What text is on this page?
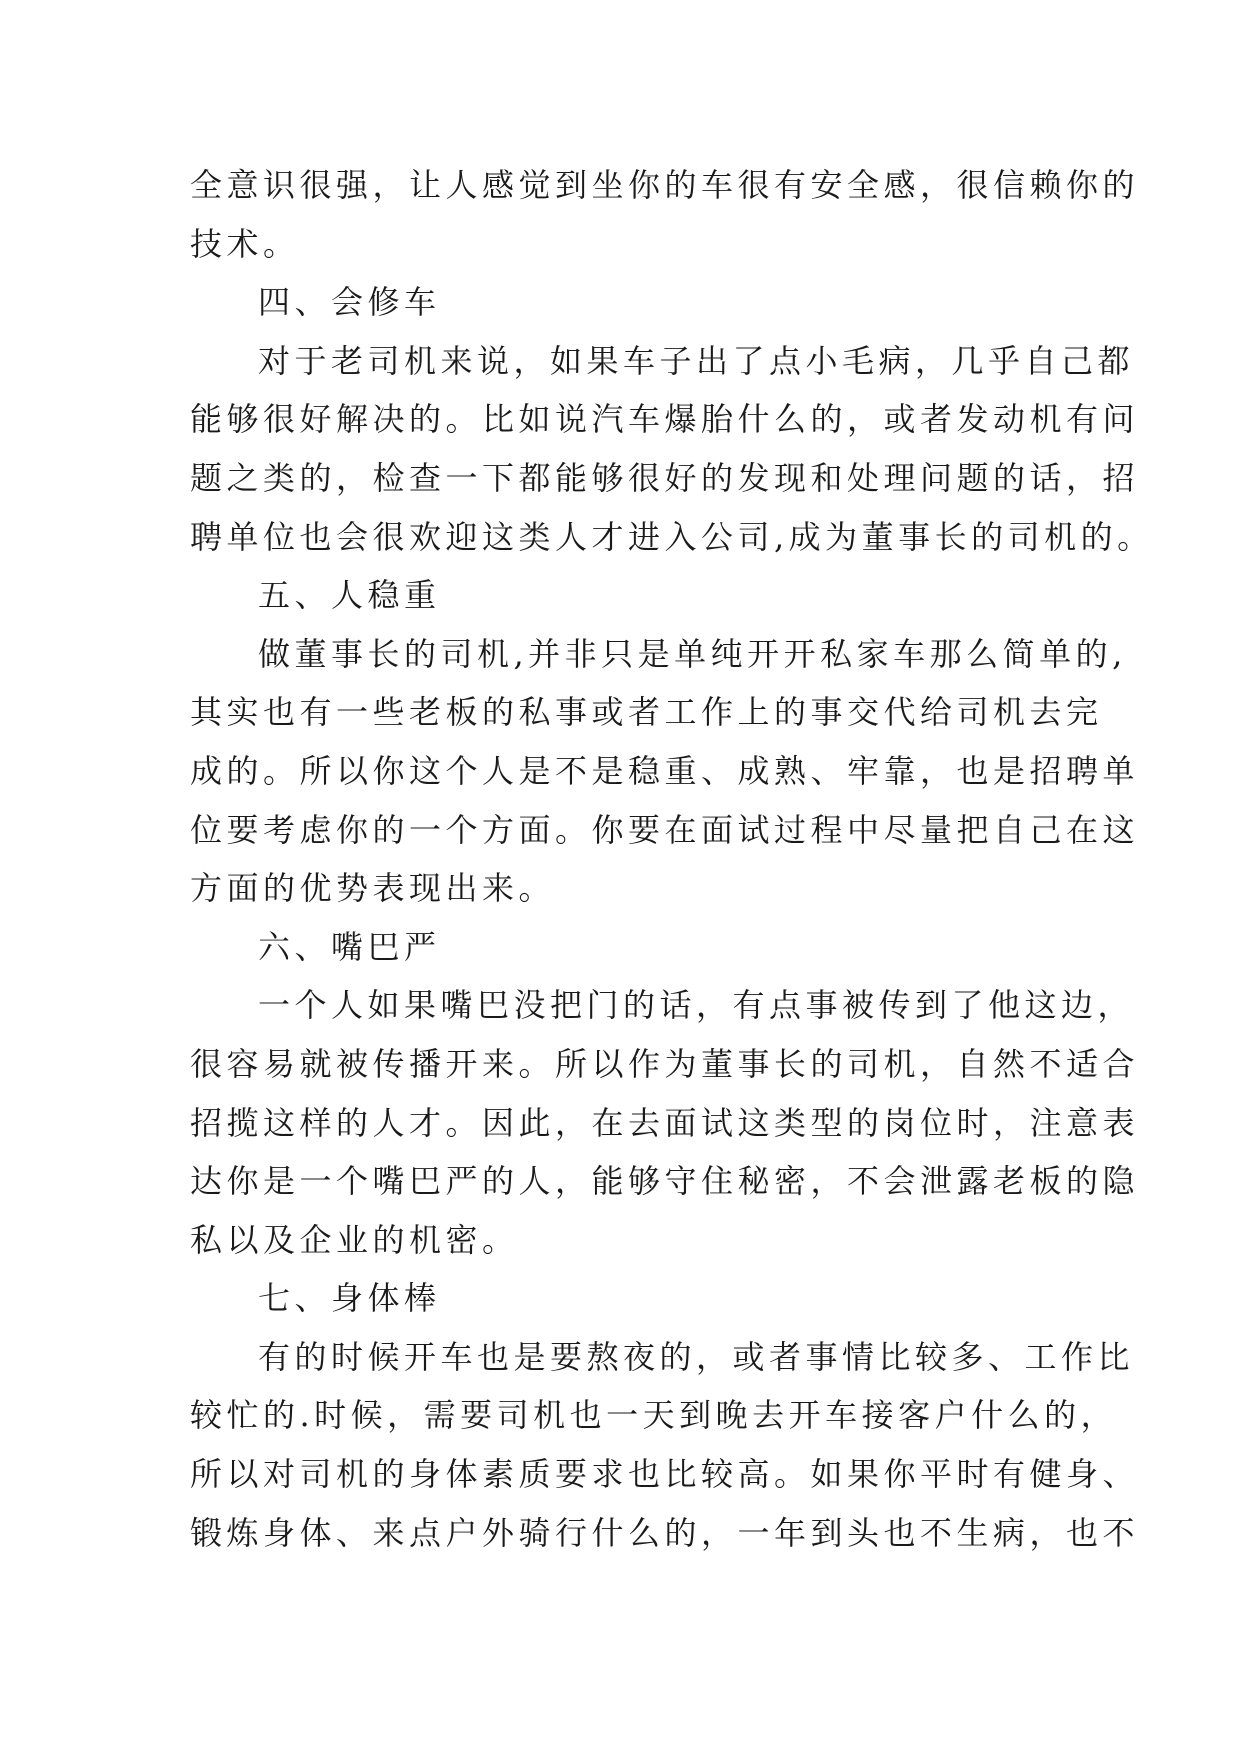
全意识很强，让人感觉到坐你的车很有安全感，很信赖你的
技术。
四、会修车
对于老司机来说，如果车子出了点小毛病，几乎自己都
能够很好解决的。比如说汽车爆胎什么的，或者发动机有问
题之类的，检查一下都能够很好的发现和处理问题的话，招
聘单位也会很欢迎这类人才进入公司,成为董事长的司机的。
五、人稳重
做董事长的司机,并非只是单纯开开私家车那么简单的,
其实也有一些老板的私事或者工作上的事交代给司机去完
成的。所以你这个人是不是稳重、成熟、牢靠，也是招聘单
位要考虑你的一个方面。你要在面试过程中尽量把自己在这
方面的优势表现出来。
六、嘴巴严
一个人如果嘴巴没把门的话，有点事被传到了他这边，
很容易就被传播开来。所以作为董事长的司机，自然不适合
招揽这样的人才。因此，在去面试这类型的岗位时，注意表
达你是一个嘴巴严的人，能够守住秘密，不会泄露老板的隐
私以及企业的机密。
七、身体棒
有的时候开车也是要熬夜的，或者事情比较多、工作比
较忙的.时候，需要司机也一天到晚去开车接客户什么的，
所以对司机的身体素质要求也比较高。如果你平时有健身、
锻炼身体、来点户外骑行什么的，一年到头也不生病，也不
